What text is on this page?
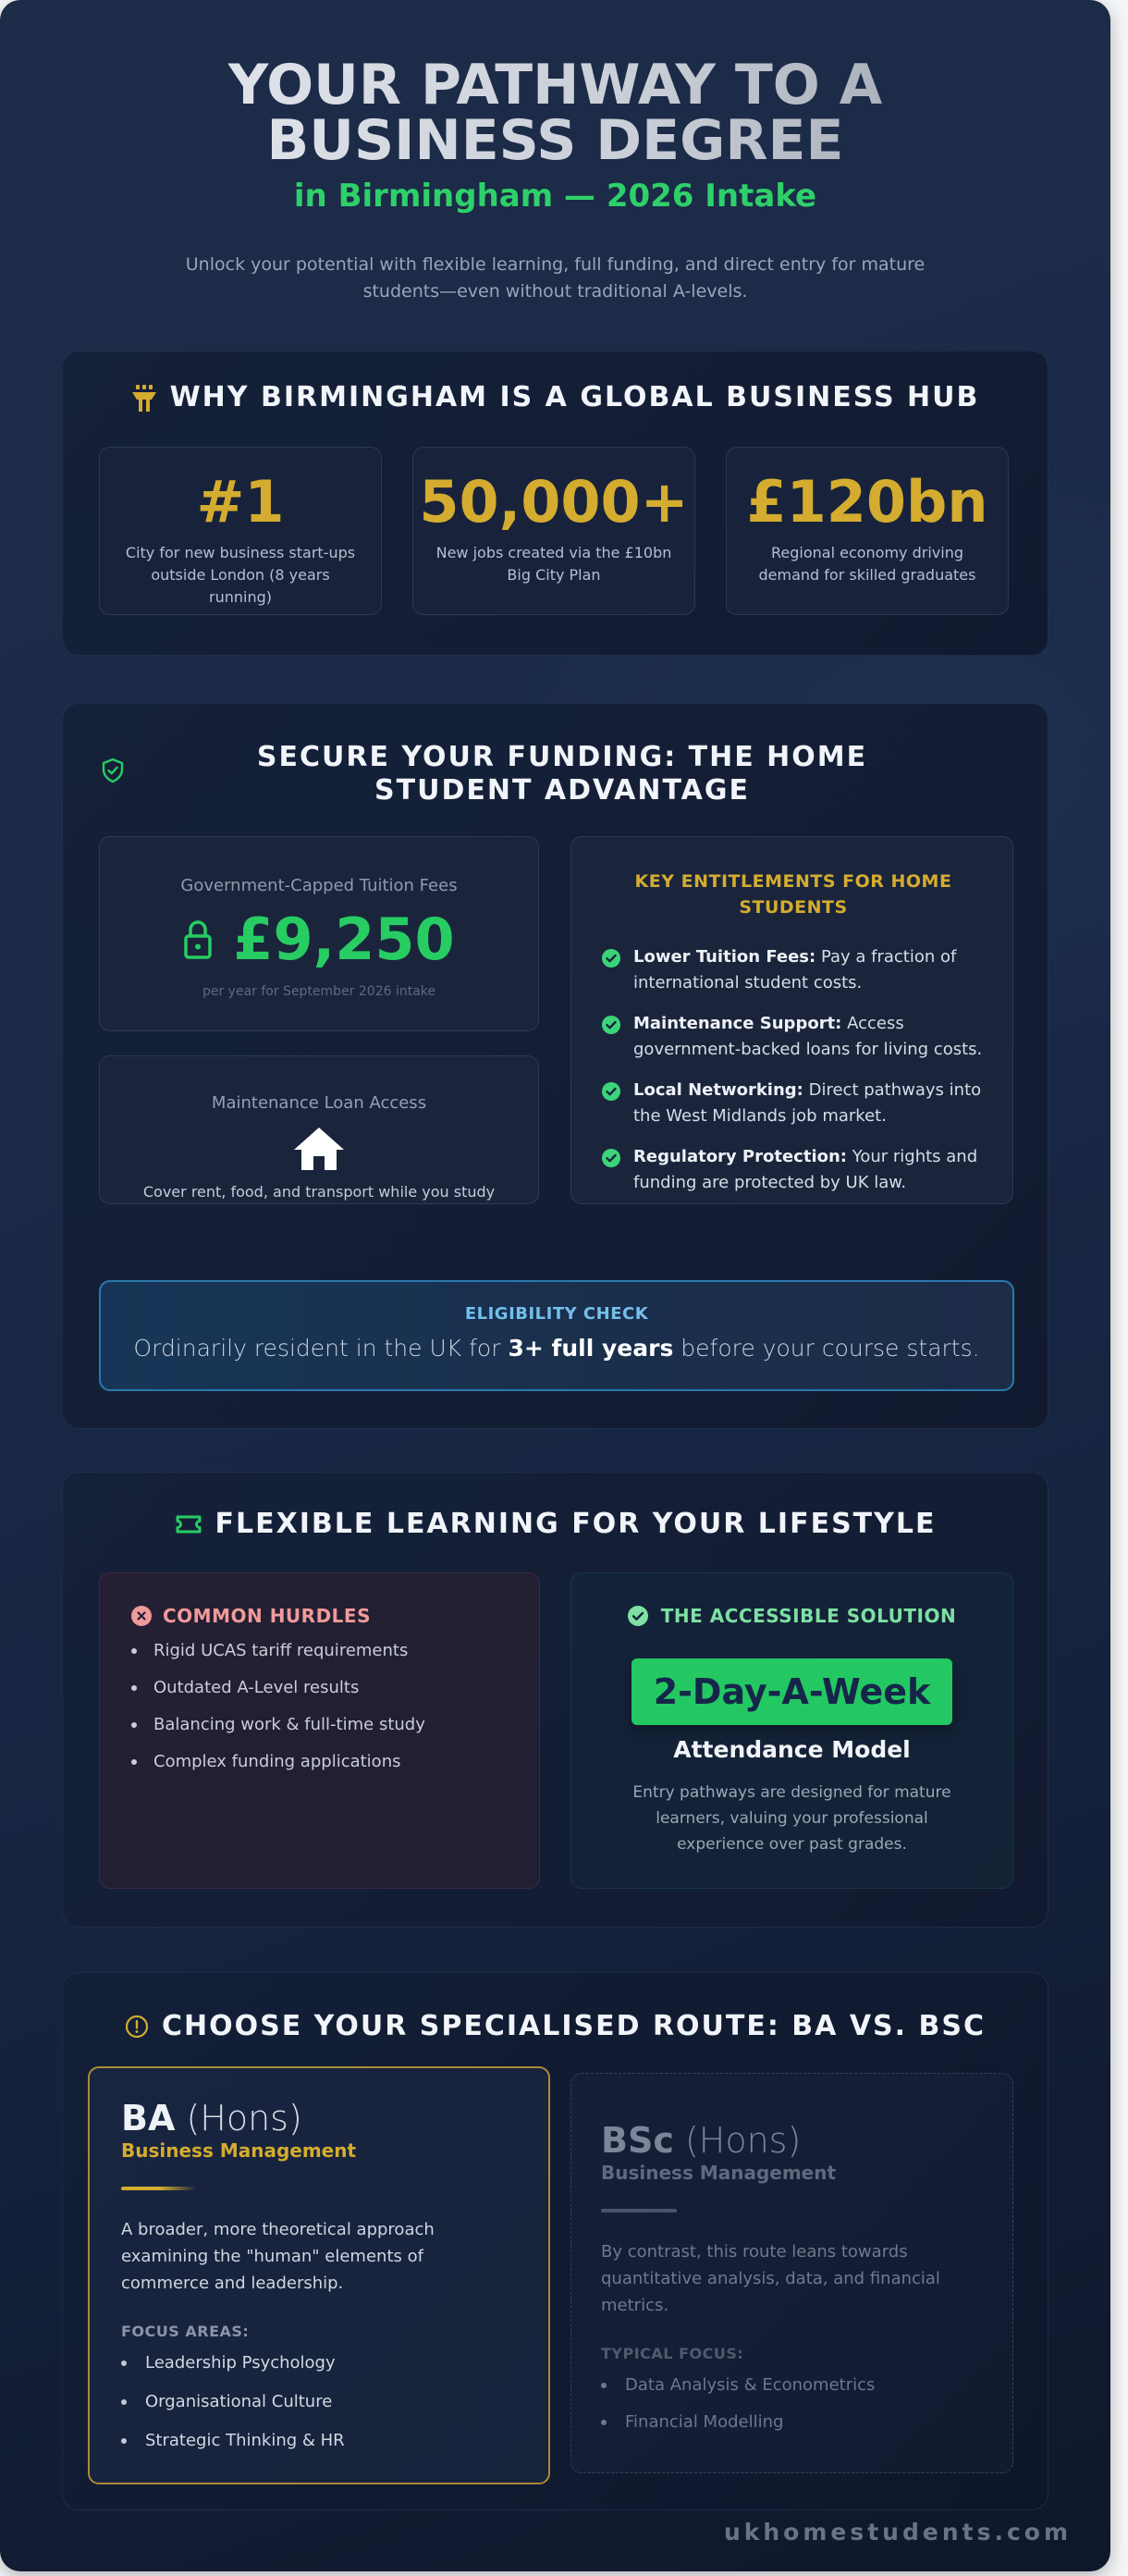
YOUR PATHWAY TO A BUSINESS DEGREE
in Birmingham — 2026 Intake

Unlock your potential with flexible learning, full funding, and direct entry for mature students—even without traditional A-levels.

WHY BIRMINGHAM IS A GLOBAL BUSINESS HUB
#1
City for new business start-ups outside London (8 years running)
50,000+
New jobs created via the £10bn Big City Plan
£120bn
Regional economy driving demand for skilled graduates
SECURE YOUR FUNDING: THE HOME STUDENT ADVANTAGE
Government-Capped Tuition Fees
£9,250
per year for September 2026 intake
Maintenance Loan Access
Cover rent, food, and transport while you study
KEY ENTITLEMENTS FOR HOME STUDENTS
Lower Tuition Fees: Pay a fraction of international student costs.
Maintenance Support: Access government-backed loans for living costs.
Local Networking: Direct pathways into the West Midlands job market.
Regulatory Protection: Your rights and funding are protected by UK law.
ELIGIBILITY CHECK
Ordinarily resident in the UK for 3+ full years before your course starts.
FLEXIBLE LEARNING FOR YOUR LIFESTYLE
COMMON HURDLES
Rigid UCAS tariff requirements
Outdated A-Level results
Balancing work & full-time study
Complex funding applications
THE ACCESSIBLE SOLUTION
2-Day-A-Week
Attendance Model

Entry pathways are designed for mature learners, valuing your professional experience over past grades.

CHOOSE YOUR SPECIALISED ROUTE: BA VS. BSC
BA (Hons)
Business Management

A broader, more theoretical approach examining the "human" elements of commerce and leadership.

FOCUS AREAS:
Leadership Psychology
Organisational Culture
Strategic Thinking & HR
BSc (Hons)
Business Management

By contrast, this route leans towards quantitative analysis, data, and financial metrics.

TYPICAL FOCUS:
Data Analysis & Econometrics
Financial Modelling
ukhomestudents.com
